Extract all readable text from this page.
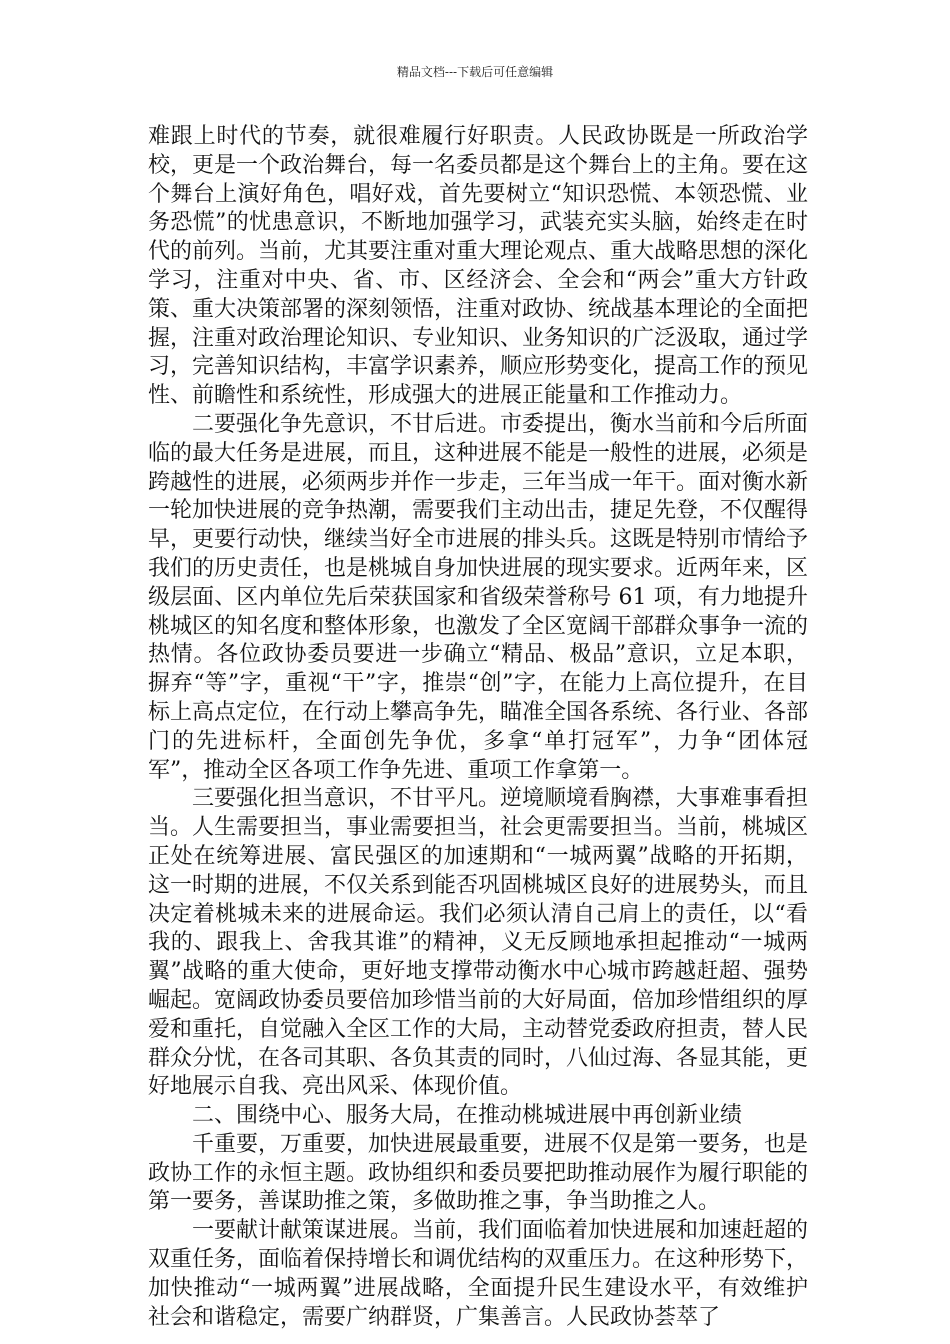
精品文档---下载后可任意编辑

难跟上时代的节奏，就很难履行好职责。人民政协既是一所政治学校，更是一个政治舞台，每一名委员都是这个舞台上的主角。要在这个舞台上演好角色，唱好戏，首先要树立“知识恐慌、本领恐慌、业务恐慌”的忧患意识，不断地加强学习，武装充实头脑，始终走在时代的前列。当前，尤其要注重对重大理论观点、重大战略思想的深化学习，注重对中央、省、市、区经济会、全会和“两会”重大方针政策、重大决策部署的深刻领悟，注重对政协、统战基本理论的全面把握，注重对政治理论知识、专业知识、业务知识的广泛汲取，通过学习，完善知识结构，丰富学识素养，顺应形势变化，提高工作的预见性、前瞻性和系统性，形成强大的进展正能量和工作推动力。

二要强化争先意识，不甘后进。市委提出，衡水当前和今后所面临的最大任务是进展，而且，这种进展不能是一般性的进展，必须是跨越性的进展，必须两步并作一步走，三年当成一年干。面对衡水新一轮加快进展的竞争热潮，需要我们主动出击，捷足先登，不仅醒得早，更要行动快，继续当好全市进展的排头兵。这既是特别市情给予我们的历史责任，也是桃城自身加快进展的现实要求。近两年来，区级层面、区内单位先后荣获国家和省级荣誉称号 61 项，有力地提升桃城区的知名度和整体形象，也激发了全区宽阔干部群众事争一流的热情。各位政协委员要进一步确立“精品、极品”意识，立足本职，摒弃“等”字，重视“干”字，推崇“创”字，在能力上高位提升，在目标上高点定位，在行动上攀高争先，瞄准全国各系统、各行业、各部门的先进标杆，全面创先争优，多拿“单打冠军”，力争“团体冠军”，推动全区各项工作争先进、重项工作拿第一。

三要强化担当意识，不甘平凡。逆境顺境看胸襟，大事难事看担当。人生需要担当，事业需要担当，社会更需要担当。当前，桃城区正处在统筹进展、富民强区的加速期和“一城两翼”战略的开拓期，这一时期的进展，不仅关系到能否巩固桃城区良好的进展势头，而且决定着桃城未来的进展命运。我们必须认清自己肩上的责任，以“看我的、跟我上、舍我其谁”的精神，义无反顾地承担起推动“一城两翼”战略的重大使命，更好地支撑带动衡水中心城市跨越赶超、强势崛起。宽阔政协委员要倍加珍惜当前的大好局面，倍加珍惜组织的厚爱和重托，自觉融入全区工作的大局，主动替党委政府担责，替人民群众分忧，在各司其职、各负其责的同时，八仙过海、各显其能，更好地展示自我、亮出风采、体现价值。

二、围绕中心、服务大局，在推动桃城进展中再创新业绩

千重要，万重要，加快进展最重要，进展不仅是第一要务，也是政协工作的永恒主题。政协组织和委员要把助推动展作为履行职能的第一要务，善谋助推之策，多做助推之事，争当助推之人。

一要献计献策谋进展。当前，我们面临着加快进展和加速赶超的双重任务，面临着保持增长和调优结构的双重压力。在这种形势下，加快推动“一城两翼”进展战略，全面提升民生建设水平，有效维护社会和谐稳定，需要广纳群贤，广集善言。人民政协荟萃了
